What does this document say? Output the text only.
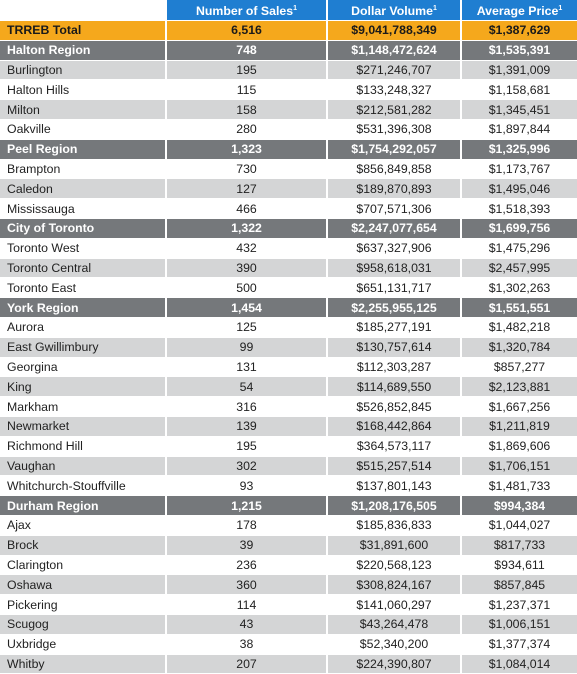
	Number of Sales$^1$	Dollar Volume$^1$	Average Price$^1$
TRREB Total	6,516	$9,041,788,349	$1,387,629
Halton Region	748	$1,148,472,624	$1,535,391
Burlington	195	$271,246,707	$1,391,009
Halton Hills	115	$133,248,327	$1,158,681
Milton	158	$212,581,282	$1,345,451
Oakville	280	$531,396,308	$1,897,844
Peel Region	1,323	$1,754,292,057	$1,325,996
Brampton	730	$856,849,858	$1,173,767
Caledon	127	$189,870,893	$1,495,046
Mississauga	466	$707,571,306	$1,518,393
City of Toronto	1,322	$2,247,077,654	$1,699,756
Toronto West	432	$637,327,906	$1,475,296
Toronto Central	390	$958,618,031	$2,457,995
Toronto East	500	$651,131,717	$1,302,263
York Region	1,454	$2,255,955,125	$1,551,551
Aurora	125	$185,277,191	$1,482,218
East Gwillimbury	99	$130,757,614	$1,320,784
Georgina	131	$112,303,287	$857,277
King	54	$114,689,550	$2,123,881
Markham	316	$526,852,845	$1,667,256
Newmarket	139	$168,442,864	$1,211,819
Richmond Hill	195	$364,573,117	$1,869,606
Vaughan	302	$515,257,514	$1,706,151
Whitchurch-Stouffville	93	$137,801,143	$1,481,733
Durham Region	1,215	$1,208,176,505	$994,384
Ajax	178	$185,836,833	$1,044,027
Brock	39	$31,891,600	$817,733
Clarington	236	$220,568,123	$934,611
Oshawa	360	$308,824,167	$857,845
Pickering	114	$141,060,297	$1,237,371
Scugog	43	$43,264,478	$1,006,151
Uxbridge	38	$52,340,200	$1,377,374
Whitby	207	$224,390,807	$1,084,014
